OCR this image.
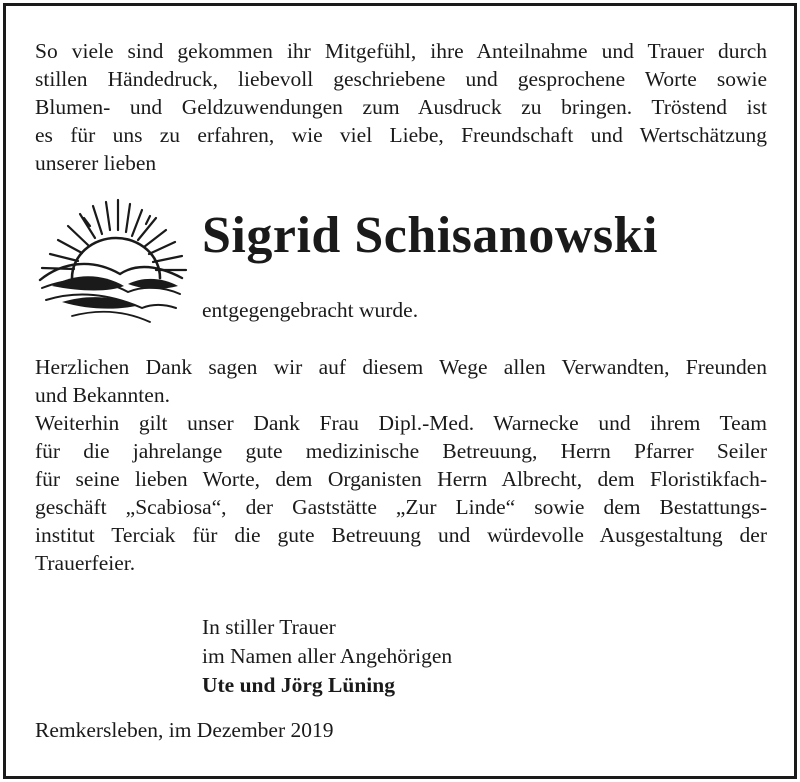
So viele sind gekommen ihr Mitgefühl, ihre Anteilnahme und Trauer durch
stillen Händedruck, liebevoll geschriebene und gesprochene Worte sowie
Blumen- und Geldzuwendungen zum Ausdruck zu bringen. Tröstend ist
es für uns zu erfahren, wie viel Liebe, Freundschaft und Wertschätzung
unserer lieben
Sigrid Schisanowski
entgegengebracht wurde.
Herzlichen Dank sagen wir auf diesem Wege allen Verwandten, Freunden
und Bekannten.
Weiterhin gilt unser Dank Frau Dipl.-Med. Warnecke und ihrem Team
für die jahrelange gute medizinische Betreuung, Herrn Pfarrer Seiler
für seine lieben Worte, dem Organisten Herrn Albrecht, dem Floristikfach-
geschäft „Scabiosa“, der Gaststätte „Zur Linde“ sowie dem Bestattungs-
institut Terciak für die gute Betreuung und würdevolle Ausgestaltung der
Trauerfeier.
In stiller Trauer
im Namen aller Angehörigen
Ute und Jörg Lüning
Remkersleben, im Dezember 2019
